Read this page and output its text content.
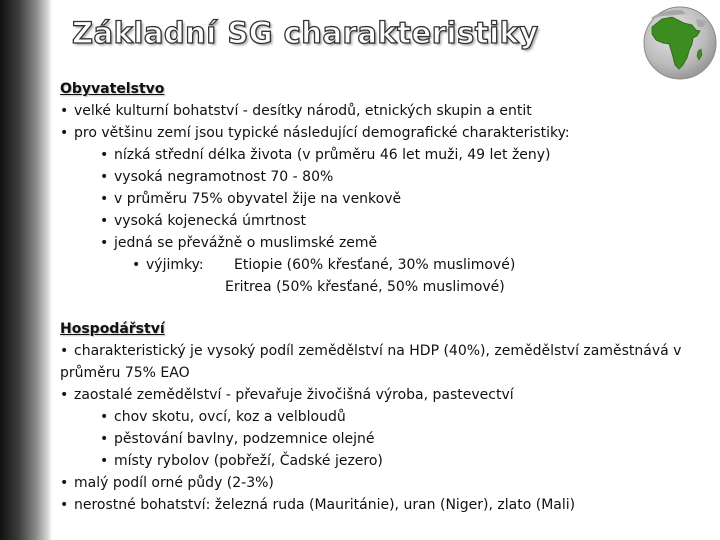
Základní SG charakteristiky
Obyvatelstvo
• velké kulturní bohatství - desítky národů, etnických skupin a entit
• pro většinu zemí jsou typické následující demografické charakteristiky:
• nízká střední délka života (v průměru 46 let muži, 49 let ženy)
• vysoká negramotnost 70 - 80%
• v průměru 75% obyvatel žije na venkově
• vysoká kojenecká úmrtnost
• jedná se převážně o muslimské země
• výjimky: Etiopie (60% křesťané, 30% muslimové)
Eritrea (50% křesťané, 50% muslimové)
Hospodářství
• charakteristický je vysoký podíl zemědělství na HDP (40%), zemědělství zaměstnává v průměru 75% EAO
• zaostalé zemědělství - převařuje živočišná výroba, pastevectví
• chov skotu, ovcí, koz a velbloudů
• pěstování bavlny, podzemnice olejné
• místy rybolov (pobřeží, Čadské jezero)
• malý podíl orné půdy (2-3%)
• nerostné bohatství: železná ruda (Mauritánie), uran (Niger), zlato (Mali)
